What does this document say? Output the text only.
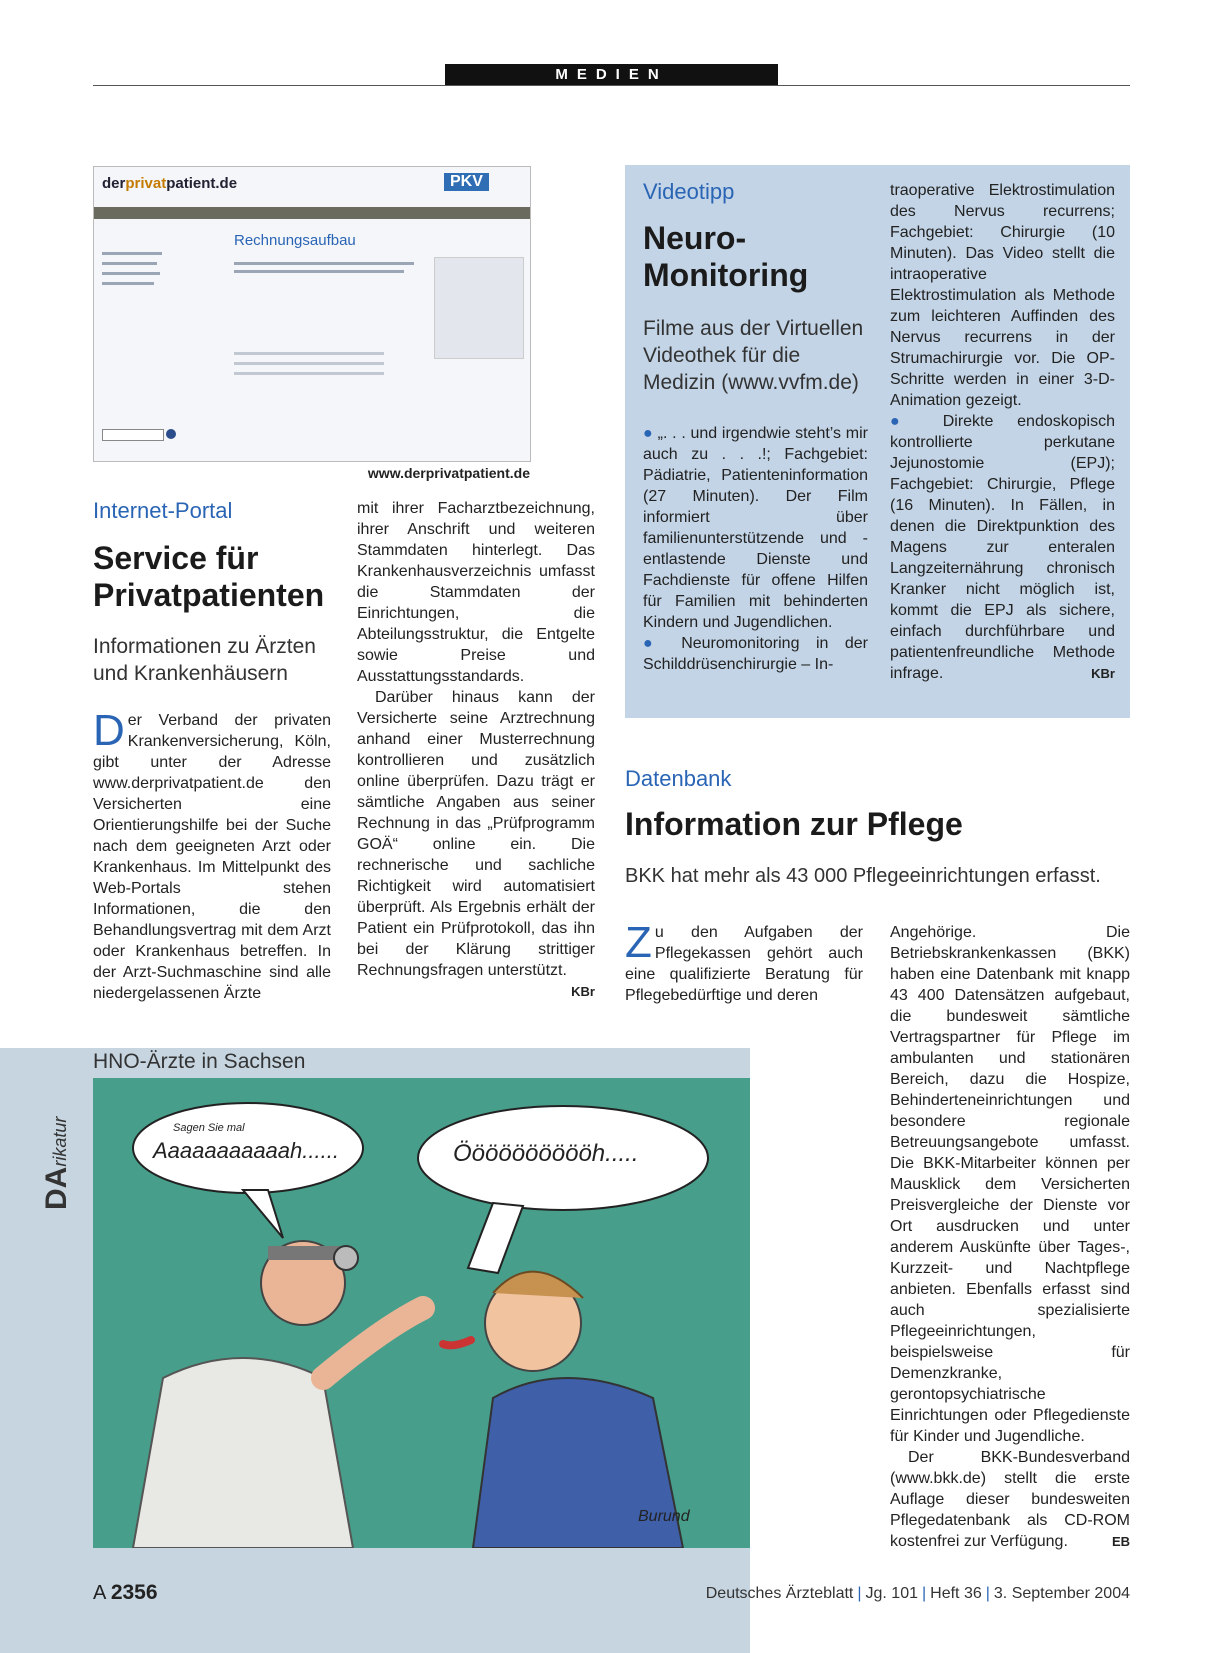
MEDIEN
derprivatpatient.de	PKV
Rechnungsaufbau
www.derprivatpatient.de
Internet-Portal
Service für
Privatpatienten
Informationen zu Ärzten und Krankenhäusern
Der Verband der privaten Krankenversicherung, Köln, gibt unter der Adresse www.derprivatpatient.de den Versicherten eine Orientierungshilfe bei der Suche nach dem geeigneten Arzt oder Krankenhaus. Im Mittelpunkt des Web-Portals stehen Informationen, die den Behandlungsvertrag mit dem Arzt oder Krankenhaus betreffen. In der Arzt-Suchmaschine sind alle niedergelassenen Ärzte
mit ihrer Facharztbezeichnung, ihrer Anschrift und weiteren Stammdaten hinterlegt. Das Krankenhausverzeichnis umfasst die Stammdaten der Einrichtungen, die Abteilungsstruktur, die Entgelte sowie Preise und Ausstattungsstandards.
Darüber hinaus kann der Versicherte seine Arztrechnung anhand einer Musterrechnung kontrollieren und zusätzlich online überprüfen. Dazu trägt er sämtliche Angaben aus seiner Rechnung in das „Prüfprogramm GOÄ“ online ein. Die rechnerische und sachliche Richtigkeit wird automatisiert überprüft. Als Ergebnis erhält der Patient ein Prüfprotokoll, das ihn bei der Klärung strittiger Rechnungsfragen unterstützt.
KBr
Videotipp
Neuro-
Monitoring
Filme aus der Virtuellen Videothek für die Medizin (www.vvfm.de)
● „. . . und irgendwie steht’s mir auch zu . . .!; Fachgebiet: Pädiatrie, Patienteninformation (27 Minuten). Der Film informiert über familienunterstützende und -entlastende Dienste und Fachdienste für offene Hilfen für Familien mit behinderten Kindern und Jugendlichen.
● Neuromonitoring in der Schilddrüsenchirurgie – In-
traoperative Elektrostimulation des Nervus recurrens; Fachgebiet: Chirurgie (10 Minuten). Das Video stellt die intraoperative Elektrostimulation als Methode zum leichteren Auffinden des Nervus recurrens in der Strumachirurgie vor. Die OP-Schritte werden in einer 3-D-Animation gezeigt.
● Direkte endoskopisch kontrollierte perkutane Jejunostomie (EPJ); Fachgebiet: Chirurgie, Pflege (16 Minuten). In Fällen, in denen die Direktpunktion des Magens zur enteralen Langzeiternährung chronisch Kranker nicht möglich ist, kommt die EPJ als sichere, einfach durchführbare und patientenfreundliche Methode infrage.	KBr
Datenbank
Information zur Pflege
BKK hat mehr als 43 000 Pflegeeinrichtungen erfasst.
Zu den Aufgaben der Pflegekassen gehört auch eine qualifizierte Beratung für Pflegebedürftige und deren
Angehörige. Die Betriebskrankenkassen (BKK) haben eine Datenbank mit knapp 43 400 Datensätzen aufgebaut, die bundesweit sämtliche Vertragspartner für Pflege im ambulanten und stationären Bereich, dazu die Hospize, Behinderteneinrichtungen und besondere regionale Betreuungsangebote umfasst. Die BKK-Mitarbeiter können per Mausklick dem Versicherten Preisvergleiche der Dienste vor Ort ausdrucken und unter anderem Auskünfte über Tages-, Kurzzeit- und Nachtpflege anbieten. Ebenfalls erfasst sind auch spezialisierte Pflegeeinrichtungen, beispielsweise für Demenzkranke, gerontopsychiatrische Einrichtungen oder Pflegedienste für Kinder und Jugendliche.
Der BKK-Bundesverband (www.bkk.de) stellt die erste Auflage dieser bundesweiten Pflegedatenbank als CD-ROM kostenfrei zur Verfügung.	EB
DArikatur
HNO-Ärzte in Sachsen
Sagen Sie mal
Aaaaaaaaaaah......	Ööööööööööh.....
Burund
A 2356	Deutsches Ärzteblatt | Jg. 101 | Heft 36 | 3. September 2004
